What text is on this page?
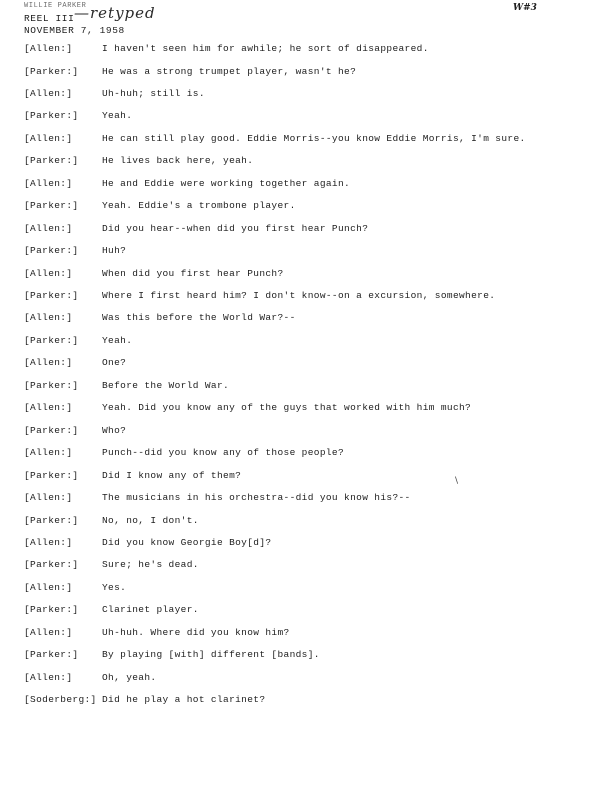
WILLIE PARKER
REEL III —retyped
NOVEMBER 7, 1958
W#3
[Allen:]	I haven't seen him for awhile; he sort of disappeared.
[Parker:] He was a strong trumpet player, wasn't he?
[Allen:]	Uh-huh; still is.
[Parker:] Yeah.
[Allen:]	He can still play good. Eddie Morris--you know Eddie Morris, I'm sure.
[Parker:] He lives back here, yeah.
[Allen:]	He and Eddie were working together again.
[Parker:] Yeah. Eddie's a trombone player.
[Allen:]	Did you hear--when did you first hear Punch?
[Parker:] Huh?
[Allen:]	When did you first hear Punch?
[Parker:] Where I first heard him? I don't know--on a excursion, somewhere.
[Allen:]	Was this before the World War?--
[Parker:] Yeah.
[Allen:]	One?
[Parker:] Before the World War.
[Allen:]	Yeah. Did you know any of the guys that worked with him much?
[Parker:] Who?
[Allen:]	Punch--did you know any of those people?
[Parker:] Did I know any of them?
[Allen:]	The musicians in his orchestra--did you know his?--
[Parker:] No, no, I don't.
[Allen:]	Did you know Georgie Boy[d]?
[Parker:] Sure; he's dead.
[Allen:]	Yes.
[Parker:] Clarinet player.
[Allen:]	Uh-huh. Where did you know him?
[Parker:] By playing [with] different [bands].
[Allen:]	Oh, yeah.
[Soderberg:] Did he play a hot clarinet?
\
